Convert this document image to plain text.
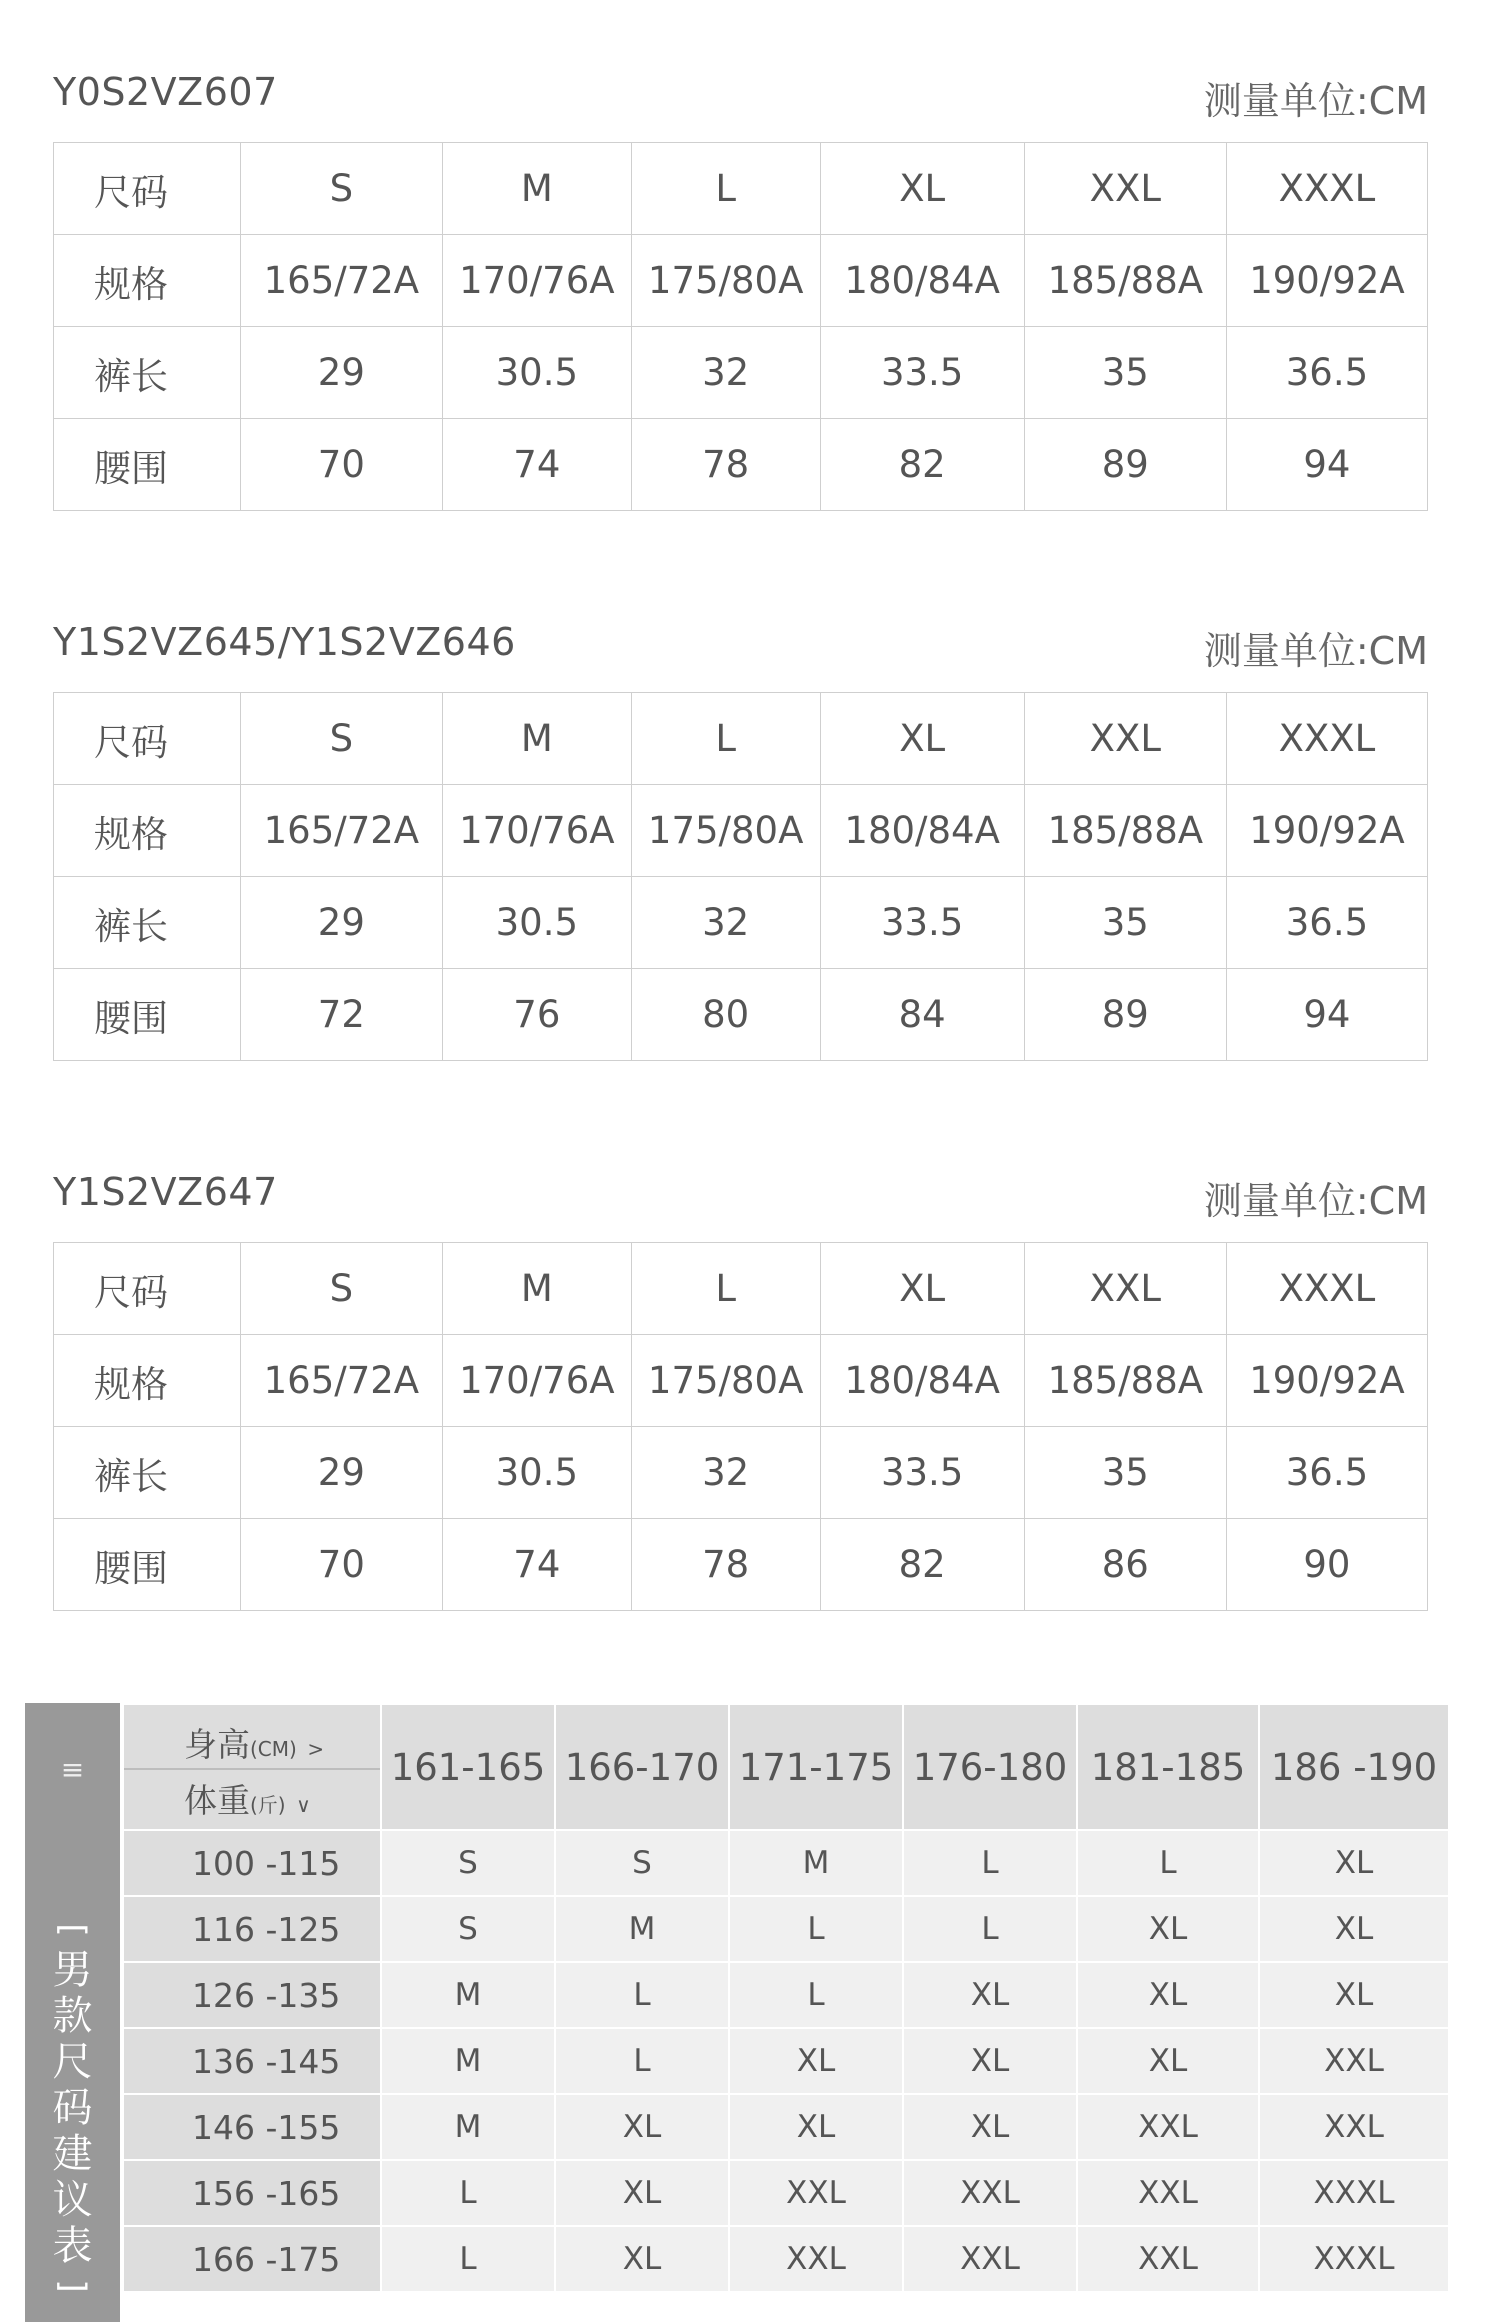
Y0S2VZ607	测量单位:CM
尺码	S	M	L	XL	XXL	XXXL
规格	165/72A	170/76A	175/80A	180/84A	185/88A	190/92A
裤长	29	30.5	32	33.5	35	36.5
腰围	70	74	78	82	89	94
Y1S2VZ645/Y1S2VZ646	测量单位:CM
尺码	S	M	L	XL	XXL	XXXL
规格	165/72A	170/76A	175/80A	180/84A	185/88A	190/92A
裤长	29	30.5	32	33.5	35	36.5
腰围	72	76	80	84	89	94
Y1S2VZ647	测量单位:CM
尺码	S	M	L	XL	XXL	XXXL
规格	165/72A	170/76A	175/80A	180/84A	185/88A	190/92A
裤长	29	30.5	32	33.5	35	36.5
腰围	70	74	78	82	86	90
≡
[
男
款
尺
码
建
议
表
]
身高(CM) >
体重(斤) ∨	161-165	166-170	171-175	176-180	181-185	186 -190
100 -115	S	S	M	L	L	XL
116 -125	S	M	L	L	XL	XL
126 -135	M	L	L	XL	XL	XL
136 -145	M	L	XL	XL	XL	XXL
146 -155	M	XL	XL	XL	XXL	XXL
156 -165	L	XL	XXL	XXL	XXL	XXXL
166 -175	L	XL	XXL	XXL	XXL	XXXL
